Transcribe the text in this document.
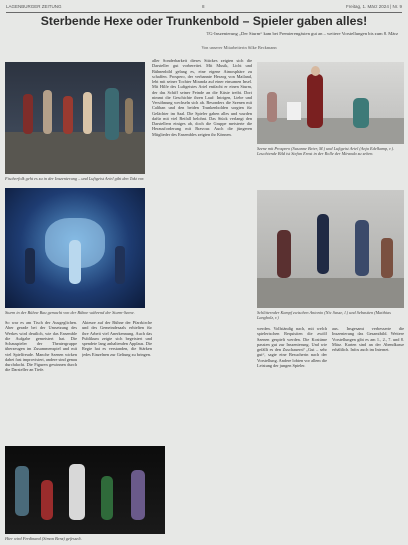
LAGENBURGER ZEITUNG	8	Freitag, 1. März 2024 | Nr. 9
Sterbende Hexe oder Trunkenbold – Spieler gaben alles!
TG-Inszenierung „Der Sturm“ kam bei Premierengästen gut an – weitere Vorstellungen bis zum 8. März
Von unserer Mitarbeiterin Silke Beckmann
Fischerfolk geht es zu in der Inszenierung – und Luftgeist Ariel gibt den Takt vor.
Szene mit Prospero (Susanne Beier, M.) und Luftgeist Ariel (Anja Edelkamp, r.). Leuchtende Bild ist Stefan Ernst in der Rolle der Miranda zu sehen.
Sturm in der Bühne Bau gemacht von der Bühne während der Sturm-Szene.	Schlitternder Kampf zwischen Antonio (Nic Sasse, l.) und Sebastien (Matthias Langholz, r.)
Hier wird Ferdinand (Simon Benz) gefesselt.

So war es am Tisch der Ausgeglichen. Aber gerade bei der Umsetzung des Werkes wird deutlich, wie das Ensemble die Aufgabe gemeistert hat. Die Schauspieler der Theatergruppe überzeugen im Zusammenspiel und mit viel Spielfreude. Manche Szenen wirken dabei fast improvisiert, andere sind genau durchdacht. Die Figuren gewinnen durch die Darsteller an Tiefe.

Akteure auf der Bühne der Pfarrkirche und des Gemeindesaals erhielten für ihre Arbeit viel Anerkennung. Auch das Publikum zeigte sich begeistert und spendete lang anhaltenden Applaus. Die Regie hat es verstanden, die Stärken jedes Einzelnen zur Geltung zu bringen.

aller Sonderbarkeit dieses Stückes zeigten sich die Darsteller gut vorbereitet. Mit Musik, Licht und Bühnenbild gelang es, eine eigene Atmosphäre zu schaffen. Prospero, der verbannte Herzog von Mailand, lebt mit seiner Tochter Miranda auf einer einsamen Insel. Mit Hilfe des Luftgeistes Ariel entfacht er einen Sturm, der das Schiff seiner Feinde an die Küste treibt. Dort nimmt die Geschichte ihren Lauf: Intrigen, Liebe und Versöhnung wechseln sich ab. Besonders die Szenen mit Caliban und den beiden Trunkenbolden sorgten für Gelächter im Saal. Die Spieler gaben alles und wurden dafür mit viel Beifall belohnt. Das Stück verlangt den Darstellern einiges ab, doch die Gruppe meisterte die Herausforderung mit Bravour. Auch die jüngeren Mitglieder des Ensembles zeigten ihr Können.

werden. Vollständig nach, mit welch spielerischen Requisiten die zwölf Szenen gespielt werden. Die Kostüme passten gut zur Inszenierung. Und wie gefällt es den Zuschauern? „Gut – sehr gut“, sagte eine Besucherin nach der Vorstellung. Andere lobten vor allem die Leistung der jungen Spieler.

aus. Insgesamt verbesserte die Inszenierung das Gesamtbild. Weitere Vorstellungen gibt es am 1., 2., 7. und 8. März. Karten sind an der Abendkasse erhältlich. Infos auch im Internet.
